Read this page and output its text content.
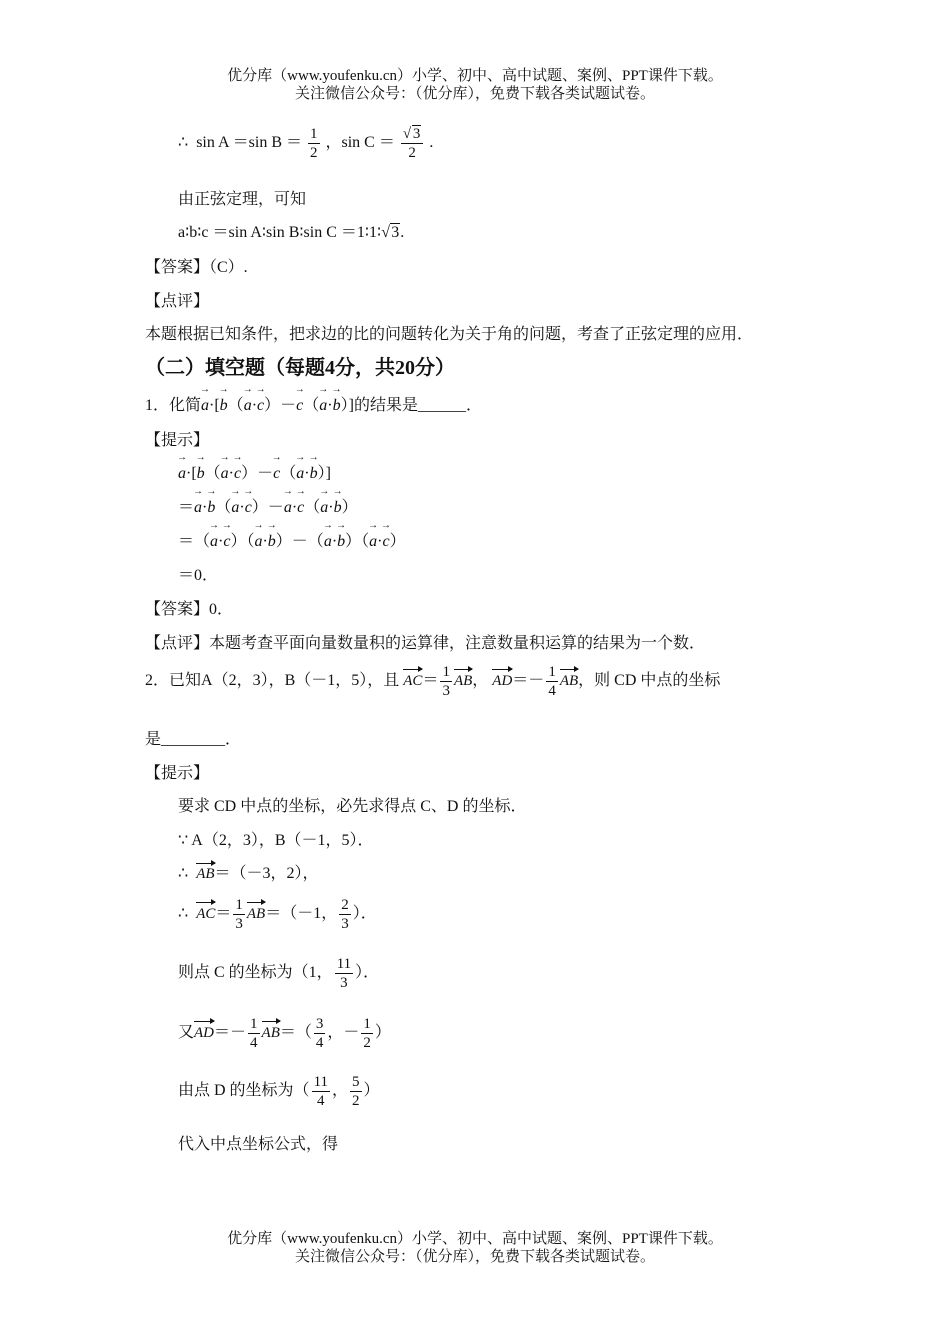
优分库（www.youfenku.cn）小学、初中、高中试题、案例、PPT课件下载。
关注微信公众号：（优分库），免费下载各类试题试卷。
∴ sin A ＝sin $B = \frac{1}{2}$ ，sin C ＝ √ $\frac{3}{2}$ .
由正弦定理，可知
a∶b∶c ＝sin A∶sin B∶sin C ＝1∶1∶ √ 3.
【答案】（C）.
【点评】
本题根据已知条件，把求边的比的问题转化为关于角的问题，考查了正弦定理的应用．
（二）填空题（每题4分，共20分）
1．化简→ a·[→ b（→ a·→ c）－→ c（→ a·→ b）]的结果是______．
【提示】
→ a·[→ b（→ a·→ c）－→ c（→ a·→ b）]
＝→ a·→ b（→ a·→ c）－→ a·→ c（→ a·→ b）
＝（→ a·→ c）（→ a·→ b）－（→ a·→ b）（→ a·→ c）
＝0．
【答案】0．
【点评】本题考查平面向量数量积的运算律，注意数量积运算的结果为一个数．
2．已知A（2，3），B（－1，5），且 $AC= \frac{1}{3}$ AB， $AD=- \frac{1}{4}$ AB，则 CD 中点的坐标
是________．
【提示】
要求 CD 中点的坐标，必先求得点 C、D 的坐标．
∵ A（2，3），B（－1，5）．
∴ AB＝（－3，2），
∴ $AC= \frac{1}{3} AB=(-1$， $\frac{2}{3}$ ）．
则点 C 的坐标为（1， $\frac{11}{3}$ ）．
又$AD=- \frac{1}{4} AB=( \frac{3}{4}$ ，－ $\frac{1}{2}$ ）
由点 D 的坐标为（ $\frac{11}{4}$ ， $\frac{5}{2}$ ）
代入中点坐标公式，得
优分库（www.youfenku.cn）小学、初中、高中试题、案例、PPT课件下载。
关注微信公众号：（优分库），免费下载各类试题试卷。
